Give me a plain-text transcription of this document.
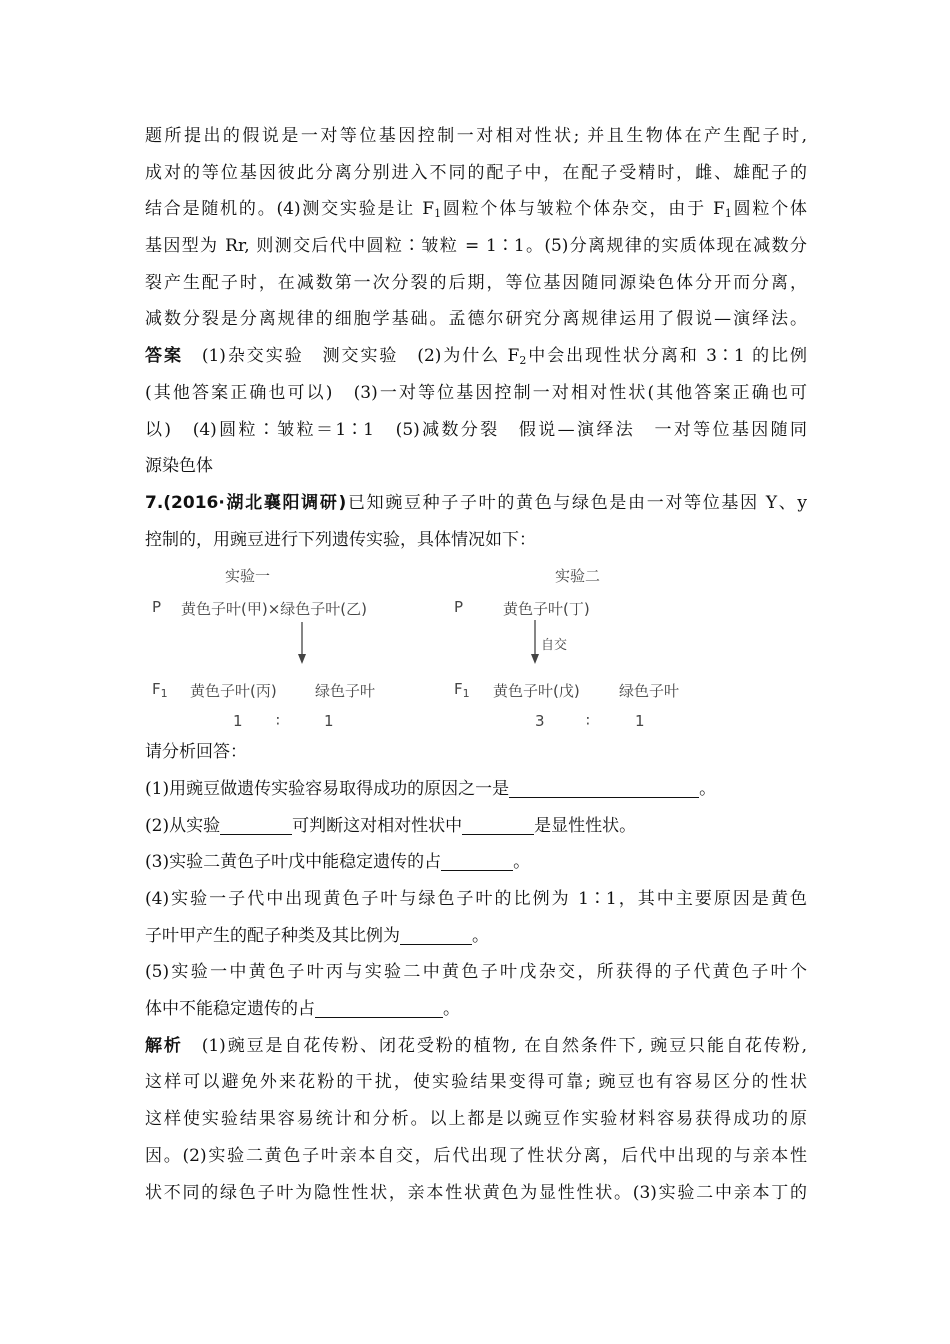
题所提出的假说是一对等位基因控制一对相对性状; 并且生物体在产生配子时,
成对的等位基因彼此分离分别进入不同的配子中，在配子受精时，雌、雄配子的
结合是随机的。(4)测交实验是让 $F_1$圆粒个体与皱粒个体杂交，由于 $F_1$圆粒个体
基因型为 Rr, 则测交后代中圆粒∶皱粒 = 1∶1。(5)分离规律的实质体现在减数分
裂产生配子时，在减数第一次分裂的后期，等位基因随同源染色体分开而分离，
减数分裂是分离规律的细胞学基础。孟德尔研究分离规律运用了假说—演绎法。
答案　(1)杂交实验　测交实验　(2)为什么 $F_2$中会出现性状分离和 3∶1 的比例
(其他答案正确也可以)　(3)一对等位基因控制一对相对性状(其他答案正确也可
以)　(4)圆粒∶皱粒＝1∶1　(5)减数分裂　假说—演绎法　一对等位基因随同
源染色体
7.(2016·湖北襄阳调研)已知豌豆种子子叶的黄色与绿色是由一对等位基因 Y、y
控制的，用豌豆进行下列遗传实验，具体情况如下：
实验一	实验二
P 黄色子叶(甲)×绿色子叶(乙)	P	黄色子叶(丁)
自交
$F_1$ 黄色子叶(丙)	绿色子叶	$F_1$ 黄色子叶(戊)	绿色子叶
1 ∶	1	3	∶	1
请分析回答：
(1)用豌豆做遗传实验容易取得成功的原因之一是	。
(2)从实验	可判断这对相对性状中	是显性性状。
(3)实验二黄色子叶戊中能稳定遗传的占	。
(4)实验一子代中出现黄色子叶与绿色子叶的比例为 1∶1，其中主要原因是黄色
子叶甲产生的配子种类及其比例为	。
(5)实验一中黄色子叶丙与实验二中黄色子叶戊杂交，所获得的子代黄色子叶个
体中不能稳定遗传的占	。
解析　(1)豌豆是自花传粉、闭花受粉的植物, 在自然条件下, 豌豆只能自花传粉,
这样可以避免外来花粉的干扰，使实验结果变得可靠; 豌豆也有容易区分的性状
这样使实验结果容易统计和分析。以上都是以豌豆作实验材料容易获得成功的原
因。(2)实验二黄色子叶亲本自交，后代出现了性状分离，后代中出现的与亲本性
状不同的绿色子叶为隐性性状，亲本性状黄色为显性性状。(3)实验二中亲本丁的
